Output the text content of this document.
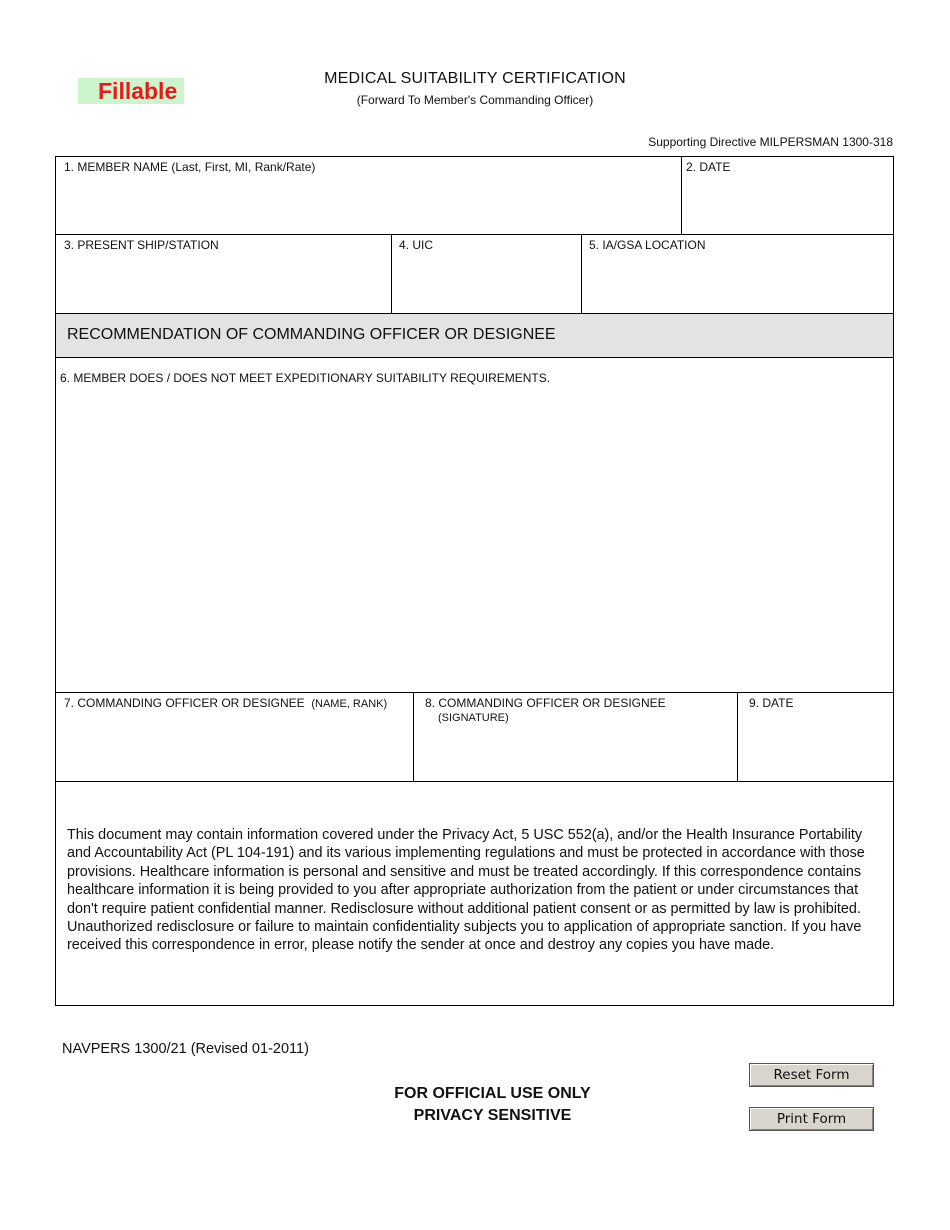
Fillable	MEDICAL SUITABILITY CERTIFICATION
(Forward To Member's Commanding Officer)
Supporting Directive MILPERSMAN 1300-318
RECOMMENDATION OF COMMANDING OFFICER OR DESIGNEE
1. MEMBER NAME (Last, First, MI, Rank/Rate)	2. DATE
3. PRESENT SHIP/STATION	4. UIC	5. IA/GSA LOCATION
6. MEMBER DOES / DOES NOT MEET EXPEDITIONARY SUITABILITY REQUIREMENTS.
7. COMMANDING OFFICER OR DESIGNEE (NAME, RANK)	8. COMMANDING OFFICER OR DESIGNEE
(SIGNATURE)
9. DATE
This document may contain information covered under the Privacy Act, 5 USC 552(a), and/or the Health Insurance Portability and Accountability Act (PL 104-191) and its various implementing regulations and must be protected in accordance with those provisions. Healthcare information is personal and sensitive and must be treated accordingly. If this correspondence contains healthcare information it is being provided to you after appropriate authorization from the patient or under circumstances that don't require patient confidential manner. Redisclosure without additional patient consent or as permitted by law is prohibited. Unauthorized redisclosure or failure to maintain confidentiality subjects you to application of appropriate sanction. If you have received this correspondence in error, please notify the sender at once and destroy any copies you have made.
NAVPERS 1300/21 (Revised 01-2011)
FOR OFFICIAL USE ONLY
PRIVACY SENSITIVE
Reset Form
Print Form
